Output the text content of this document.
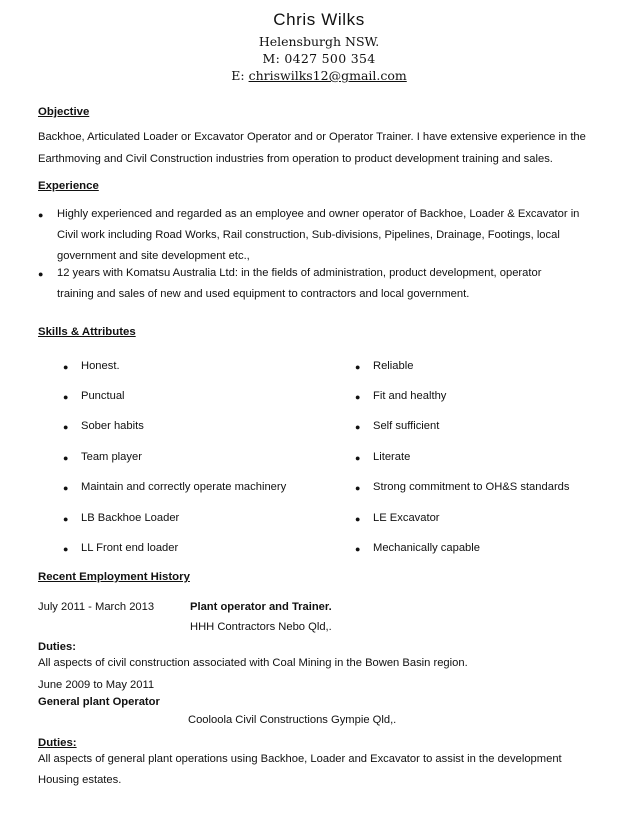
Chris Wilks
Helensburgh NSW.
M: 0427 500 354
E: chriswilks12@gmail.com
Objective
Backhoe, Articulated Loader or Excavator Operator and or Operator Trainer. I have extensive experience in the
Earthmoving and Civil Construction industries from operation to product development training and sales.
Experience
● Highly experienced and regarded as an employee and owner operator of Backhoe, Loader & Excavator in
Civil work including Road Works, Rail construction, Sub-divisions, Pipelines, Drainage, Footings, local
government and site development etc.,
● 12 years with Komatsu Australia Ltd: in the fields of administration, product development, operator
training and sales of new and used equipment to contractors and local government.
Skills & Attributes
● Honest.
● Punctual
● Sober habits
● Team player
● Maintain and correctly operate machinery
● LB Backhoe Loader
● LL Front end loader
● Reliable
● Fit and healthy
● Self sufficient
● Literate
● Strong commitment to OH&S standards
● LE Excavator
● Mechanically capable
Recent Employment History
July 2011 - March 2013	Plant operator and Trainer.
HHH Contractors Nebo Qld,.
Duties:
All aspects of civil construction associated with Coal Mining in the Bowen Basin region.
June 2009 to May 2011
General plant Operator
Cooloola Civil Constructions Gympie Qld,.
Duties:
All aspects of general plant operations using Backhoe, Loader and Excavator to assist in the development
Housing estates.
